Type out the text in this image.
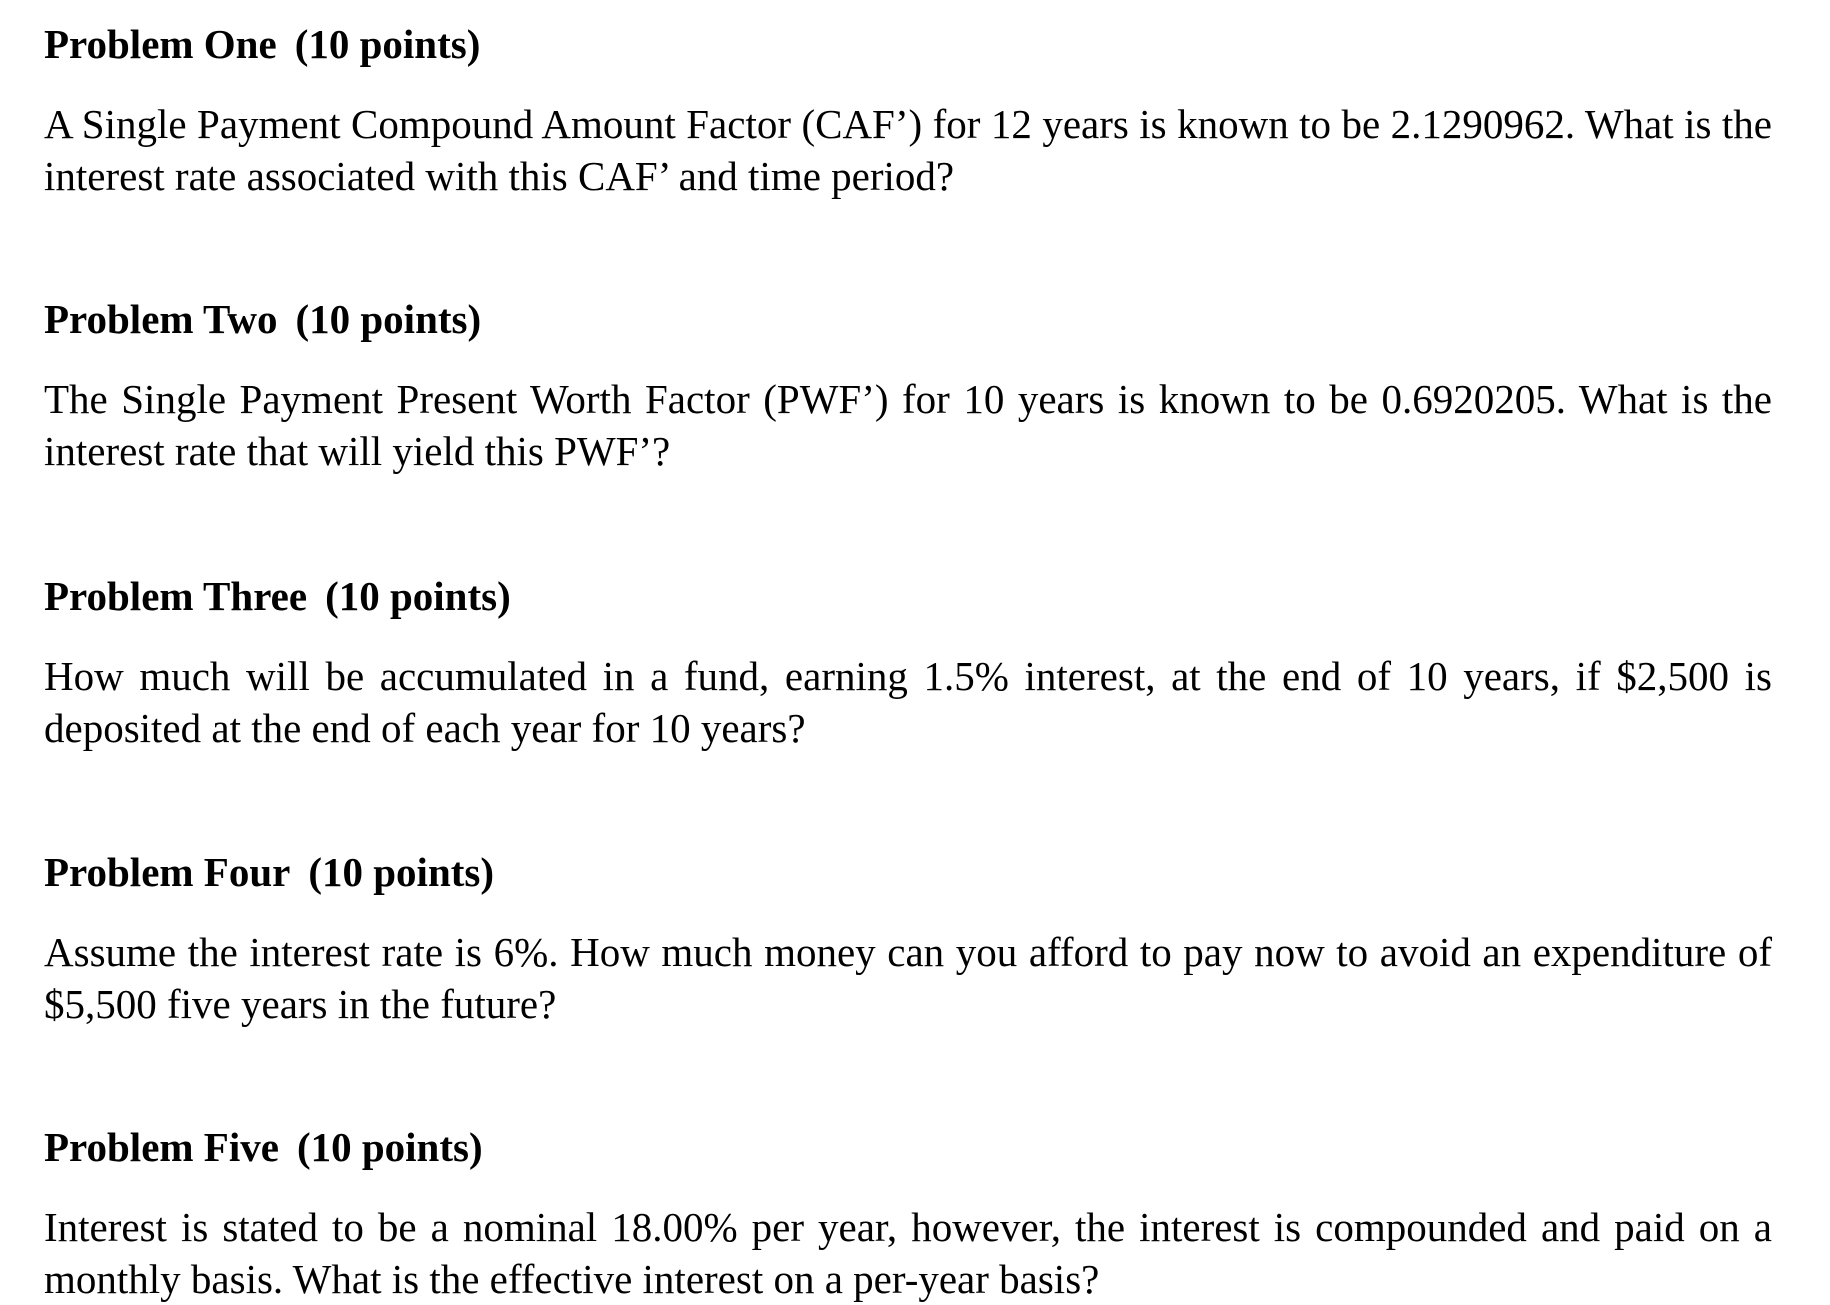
Problem One (10 points)

A Single Payment Compound Amount Factor (CAF’) for 12 years is known to be 2.1290962. What is the interest rate associated with this CAF’ and time period?

Problem Two (10 points)

The Single Payment Present Worth Factor (PWF’) for 10 years is known to be 0.6920205. What is the interest rate that will yield this PWF’?

Problem Three (10 points)

How much will be accumulated in a fund, earning 1.5% interest, at the end of 10 years, if $2,500 is deposited at the end of each year for 10 years?

Problem Four (10 points)

Assume the interest rate is 6%. How much money can you afford to pay now to avoid an expenditure of $5,500 five years in the future?

Problem Five (10 points)

Interest is stated to be a nominal 18.00% per year, however, the interest is compounded and paid on a monthly basis. What is the effective interest on a per-year basis?
